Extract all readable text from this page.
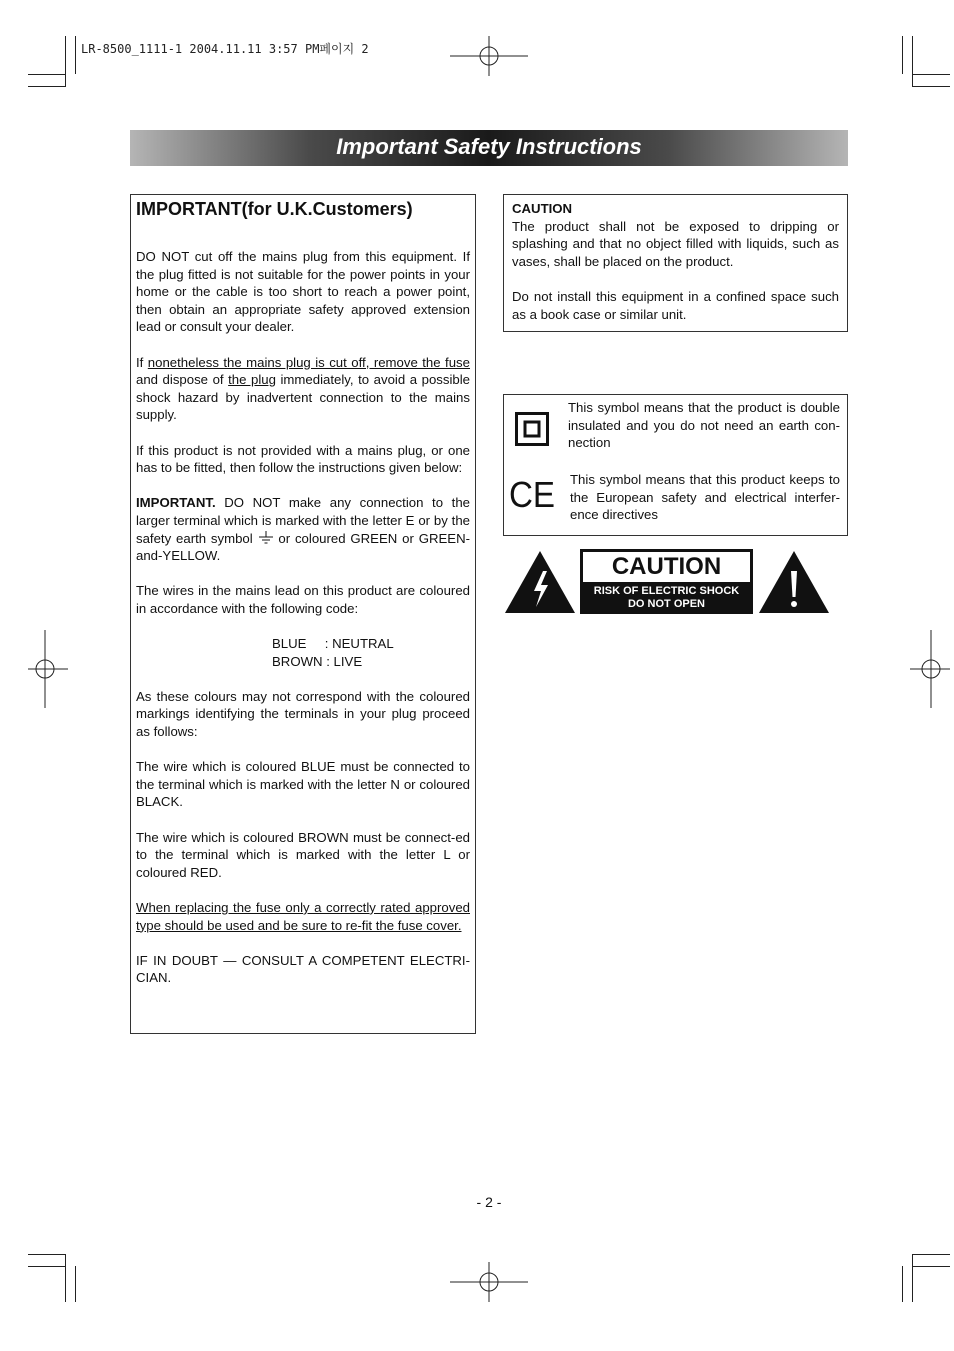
LR-8500_1111-1 2004.11.11 3:57 PM페이지 2
Important Safety Instructions
IMPORTANT(for U.K.Customers)

DO NOT cut off the mains plug from this equipment. If the plug fitted is not suitable for the power points in your home or the cable is too short to reach a power point, then obtain an appropriate safety approved extension lead or consult your dealer.

If nonetheless the mains plug is cut off, remove the fuse and dispose of the plug immediately, to avoid a possible shock hazard by inadvertent connection to the mains supply.

If this product is not provided with a mains plug, or one has to be fitted, then follow the instructions given below:

IMPORTANT. DO NOT make any connection to the larger terminal which is marked with the letter E or by the safety earth symbol  or coloured GREEN or GREEN-and-YELLOW.

The wires in the mains lead on this product are coloured in accordance with the following code:

BLUE     : NEUTRAL
BROWN : LIVE

As these colours may not correspond with the coloured markings identifying the terminals in your plug proceed as follows:

The wire which is coloured BLUE must be connected to the terminal which is marked with the letter N or coloured BLACK.

The wire which is coloured BROWN must be connect-ed to the terminal which is marked with the letter L or coloured RED.

When replacing the fuse only a correctly rated approved type should be used and be sure to re-fit the fuse cover.

IF IN DOUBT — CONSULT A COMPETENT ELECTRI-CIAN.

CAUTION

The product shall not be exposed to dripping or splashing and that no object filled with liquids, such as vases, shall be placed on the product.

Do not install this equipment in a confined space such as a book case or similar unit.

This symbol means that the product is double insulated and you do not need an earth con-nection
CE This symbol means that this product keeps to the European safety and electrical interfer-ence directives
CAUTION
RISK OF ELECTRIC SHOCK
DO NOT OPEN
- 2 -
